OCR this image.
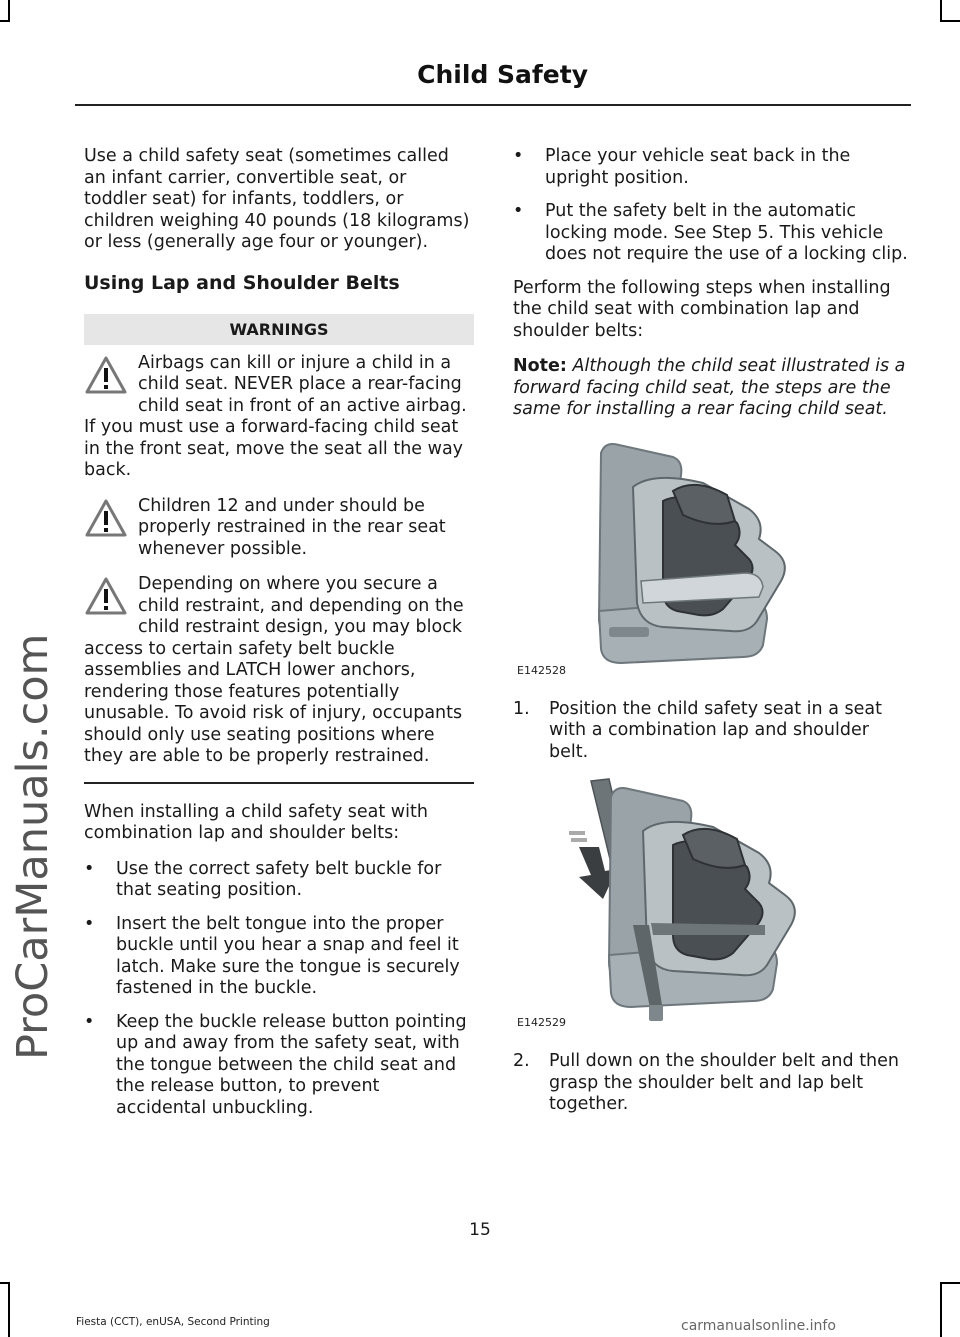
Child Safety
ProCarManuals.com

Use a child safety seat (sometimes called an infant carrier, convertible seat, or toddler seat) for infants, toddlers, or children weighing 40 pounds (18 kilograms) or less (generally age four or younger).

Using Lap and Shoulder Belts
WARNINGS

Airbags can kill or injure a child in a child seat. NEVER place a rear-facing child seat in front of an active airbag. If you must use a forward-facing child seat in the front seat, move the seat all the way back.

Children 12 and under should be properly restrained in the rear seat whenever possible.

Depending on where you secure a child restraint, and depending on the child restraint design, you may block access to certain safety belt buckle assemblies and LATCH lower anchors, rendering those features potentially unusable. To avoid risk of injury, occupants should only use seating positions where they are able to be properly restrained.

When installing a child safety seat with combination lap and shoulder belts:

• Use the correct safety belt buckle for that seating position.
• Insert the belt tongue into the proper buckle until you hear a snap and feel it latch. Make sure the tongue is securely fastened in the buckle.
• Keep the buckle release button pointing up and away from the safety seat, with the tongue between the child seat and the release button, to prevent accidental unbuckling.
• Place your vehicle seat back in the upright position.
• Put the safety belt in the automatic locking mode. See Step 5. This vehicle does not require the use of a locking clip.

Perform the following steps when installing the child seat with combination lap and shoulder belts:

Note: Although the child seat illustrated is a forward facing child seat, the steps are the same for installing a rear facing child seat.

E142528
1. Position the child safety seat in a seat with a combination lap and shoulder belt.
E142529
2. Pull down on the shoulder belt and then grasp the shoulder belt and lap belt together.
15
Fiesta (CCT), enUSA, Second Printing	carmanualsonline.info
